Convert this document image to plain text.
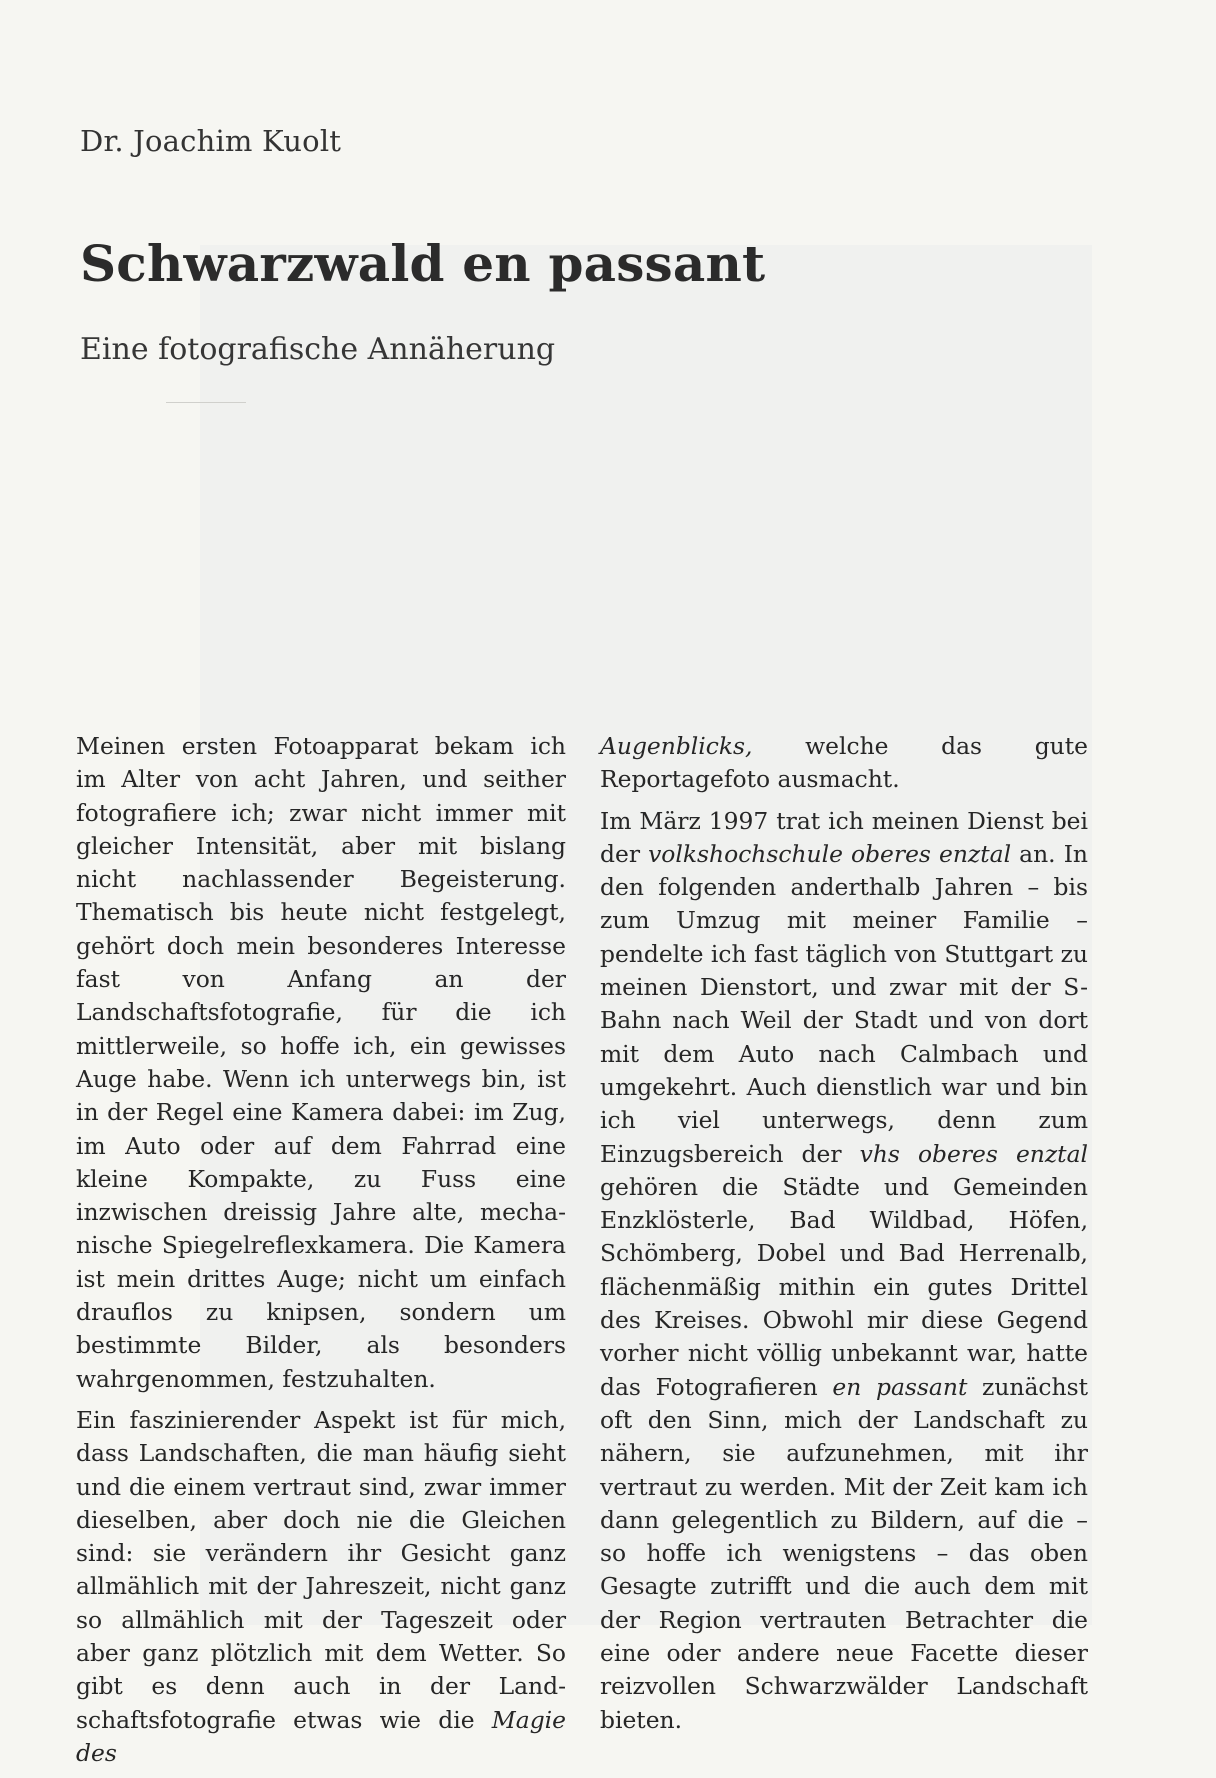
Dr. Joachim Kuolt
Schwarzwald en passant
Eine fotografische Annäherung

Meinen ersten Fotoapparat bekam ich im Alter von acht Jahren, und seither fotografiere ich; zwar nicht immer mit gleicher Intensität, aber mit bislang nicht nachlassender Begeisterung. Thematisch bis heute nicht festgelegt, gehört doch mein besonderes Interesse fast von Anfang an der Landschaftsfotografie, für die ich mittlerweile, so hoffe ich, ein gewisses Auge habe. Wenn ich unterwegs bin, ist in der Regel eine Kamera dabei: im Zug, im Auto oder auf dem Fahrrad eine kleine Kompakte, zu Fuss eine inzwischen dreissig Jahre alte, mechanische Spiegelreflexkamera. Die Kamera ist mein drittes Auge; nicht um einfach drauflos zu knipsen, sondern um bestimmte Bilder, als besonders wahrgenommen, festzuhalten.

Ein faszinierender Aspekt ist für mich, dass Landschaften, die man häufig sieht und die einem vertraut sind, zwar immer dieselben, aber doch nie die Gleichen sind: sie verändern ihr Gesicht ganz allmählich mit der Jahreszeit, nicht ganz so allmählich mit der Tageszeit oder aber ganz plötzlich mit dem Wetter. So gibt es denn auch in der Landschaftsfotografie etwas wie die Magie des

Augenblicks, welche das gute Reportagefoto ausmacht.

Im März 1997 trat ich meinen Dienst bei der volkshochschule oberes enztal an. In den folgenden anderthalb Jahren – bis zum Umzug mit meiner Familie – pendelte ich fast täglich von Stuttgart zu meinen Dienstort, und zwar mit der S-Bahn nach Weil der Stadt und von dort mit dem Auto nach Calmbach und umgekehrt. Auch dienstlich war und bin ich viel unterwegs, denn zum Einzugsbereich der vhs oberes enztal gehören die Städte und Gemeinden Enzklösterle, Bad Wildbad, Höfen, Schömberg, Dobel und Bad Herrenalb, flächenmäßig mithin ein gutes Drittel des Kreises. Obwohl mir diese Gegend vorher nicht völlig unbekannt war, hatte das Fotografieren en passant zunächst oft den Sinn, mich der Landschaft zu nähern, sie aufzunehmen, mit ihr vertraut zu werden. Mit der Zeit kam ich dann gelegentlich zu Bildern, auf die – so hoffe ich wenigstens – das oben Gesagte zutrifft und die auch dem mit der Region vertrauten Betrachter die eine oder andere neue Facette dieser reizvollen Schwarzwälder Landschaft bieten.
